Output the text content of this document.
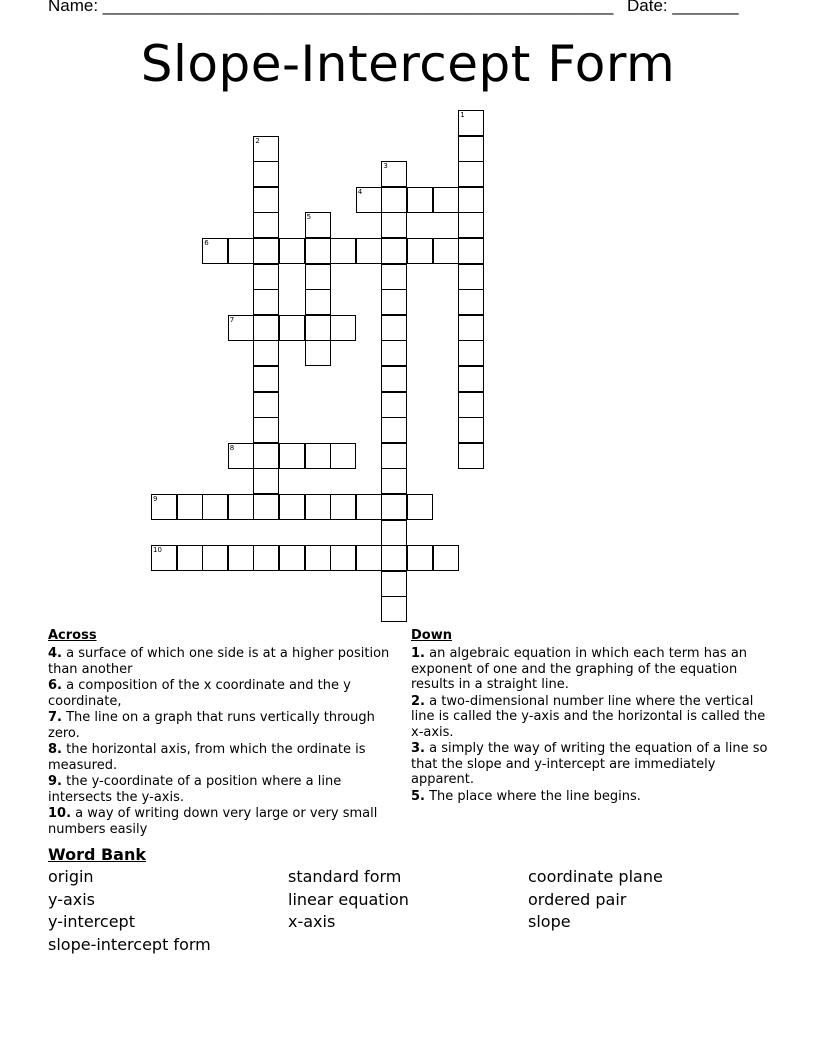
Name: ______________________________________________________ Date: _______
Slope-Intercept Form
1
2
3
4
5
6
7
8
9
10
Across
4. a surface of which one side is at a higher position than another
6. a composition of the x coordinate and the y coordinate,
7. The line on a graph that runs vertically through zero.
8. the horizontal axis, from which the ordinate is measured.
9. the y-coordinate of a position where a line intersects the y-axis.
10. a way of writing down very large or very small numbers easily
Down
1. an algebraic equation in which each term has an exponent of one and the graphing of the equation results in a straight line.
2. a two-dimensional number line where the vertical line is called the y-axis and the horizontal is called the x-axis.
3. a simply the way of writing the equation of a line so that the slope and y-intercept are immediately apparent.
5. The place where the line begins.
Word Bank
origin
y-axis
y-intercept
slope-intercept form
standard form
linear equation
x-axis
coordinate plane
ordered pair
slope
